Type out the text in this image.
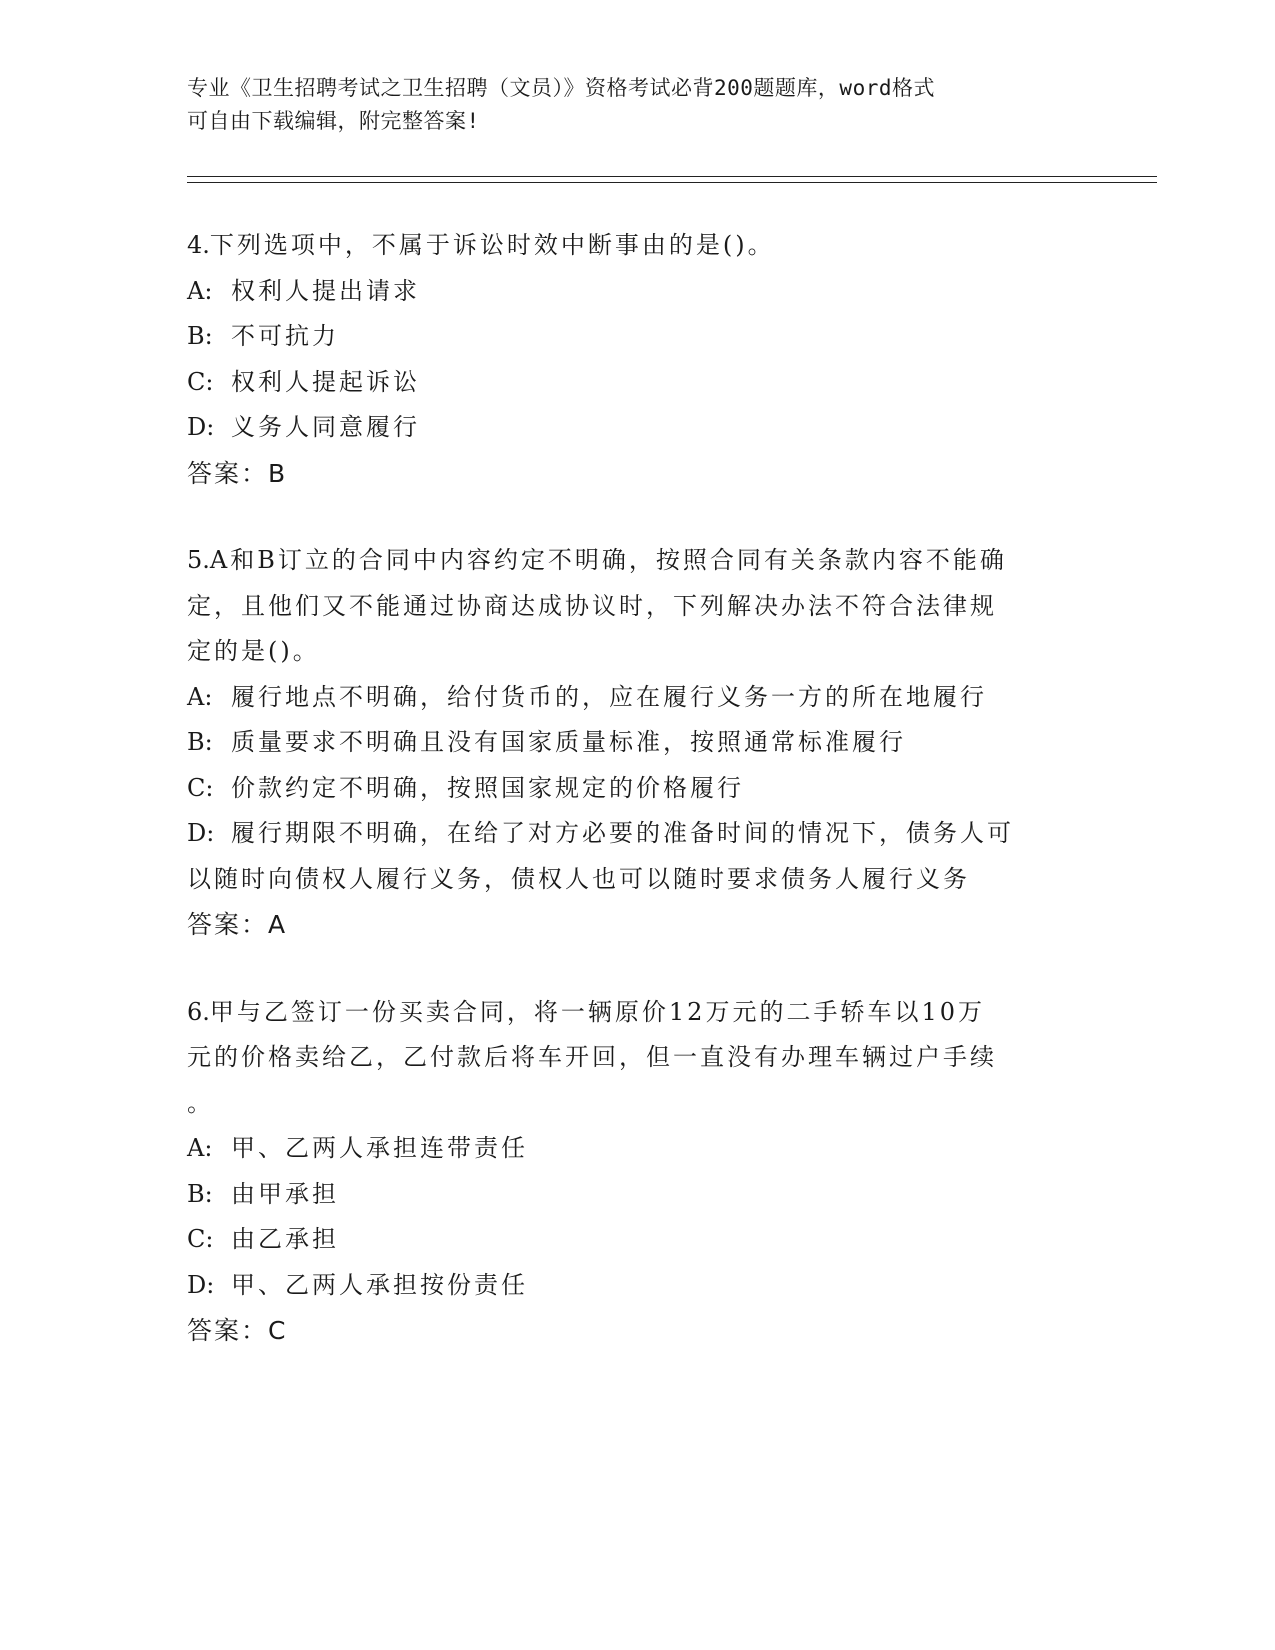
专业《卫生招聘考试之卫生招聘（文员）》资格考试必背200题题库，word格式
可自由下载编辑，附完整答案!

4.下列选项中，不属于诉讼时效中断事由的是()。

A: 权利人提出请求

B: 不可抗力

C: 权利人提起诉讼

D: 义务人同意履行

答案：B

5.A和B订立的合同中内容约定不明确，按照合同有关条款内容不能确

定，且他们又不能通过协商达成协议时，下列解决办法不符合法律规

定的是()。

A: 履行地点不明确，给付货币的，应在履行义务一方的所在地履行

B: 质量要求不明确且没有国家质量标准，按照通常标准履行

C: 价款约定不明确，按照国家规定的价格履行

D: 履行期限不明确，在给了对方必要的准备时间的情况下，债务人可

以随时向债权人履行义务，债权人也可以随时要求债务人履行义务

答案：A

6.甲与乙签订一份买卖合同，将一辆原价12万元的二手轿车以10万

元的价格卖给乙，乙付款后将车开回，但一直没有办理车辆过户手续

。

A: 甲、乙两人承担连带责任

B: 由甲承担

C: 由乙承担

D: 甲、乙两人承担按份责任

答案：C
